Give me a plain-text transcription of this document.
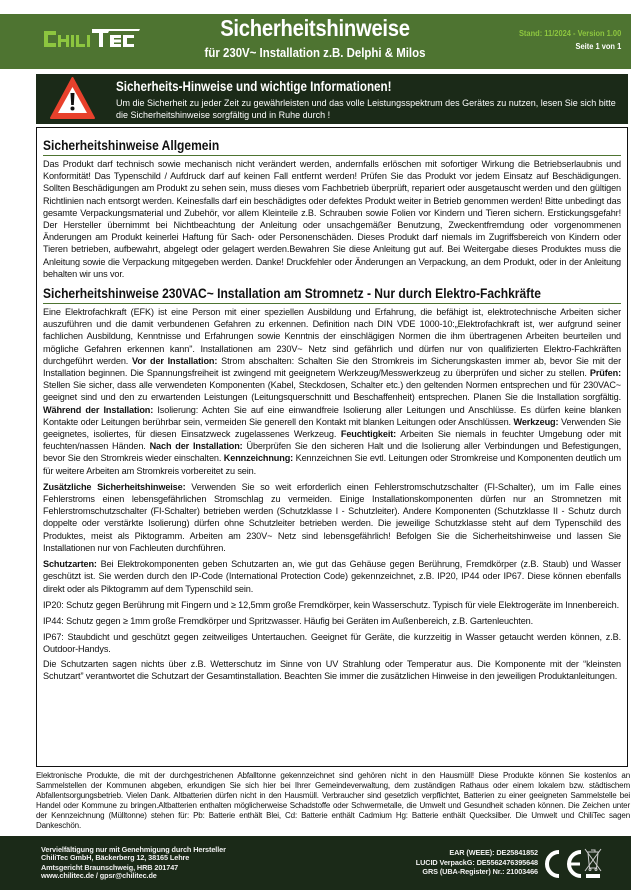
Sicherheitshinweise
für 230V~ Installation z.B. Delphi & Milos
Stand: 11/2024 - Version 1.00
Seite 1 von 1
Sicherheits-Hinweise und wichtige Informationen!
Um die Sicherheit zu jeder Zeit zu gewährleisten und das volle Leistungsspektrum des Gerätes zu nutzen, lesen Sie sich bitte die Sicherheitshinweise sorgfältig und in Ruhe durch !
Sicherheitshinweise Allgemein

Das Produkt darf technisch sowie mechanisch nicht verändert werden, andernfalls erlöschen mit sofortiger Wirkung die Betriebserlaubnis und Konformität! Das Typenschild / Aufdruck darf auf keinen Fall entfernt werden! Prüfen Sie das Produkt vor jedem Einsatz auf Beschädigungen. Sollten Beschädigungen am Produkt zu sehen sein, muss dieses vom Fachbetrieb überprüft, repariert oder ausgetauscht werden und den gültigen Richtlinien nach entsorgt werden. Keinesfalls darf ein beschädigtes oder defektes Produkt weiter in Betrieb genommen werden! Bitte unbedingt das gesamte Verpackungsmaterial und Zubehör, vor allem Kleinteile z.B. Schrauben sowie Folien vor Kindern und Tieren sichern. Erstickungsgefahr! Der Hersteller übernimmt bei Nichtbeachtung der Anleitung oder unsachgemäßer Benutzung, Zweckentfremdung oder vorgenommenen Änderungen am Produkt keinerlei Haftung für Sach- oder Personenschäden. Dieses Produkt darf niemals im Zugriffsbereich von Kindern oder Tieren betrieben, aufbewahrt, abgelegt oder gelagert werden.Bewahren Sie diese Anleitung gut auf. Bei Weitergabe dieses Produktes muss die Anleitung sowie die Verpackung mitgegeben werden. Danke! Druckfehler oder Änderungen an Verpackung, an dem Produkt, oder in der Anleitung behalten wir uns vor.

Sicherheitshinweise 230VAC~ Installation am Stromnetz - Nur durch Elektro-Fachkräfte

Eine Elektrofachkraft (EFK) ist eine Person mit einer speziellen Ausbildung und Erfahrung, die befähigt ist, elektrotechnische Arbeiten sicher auszuführen und die damit verbundenen Gefahren zu erkennen. Definition nach DIN VDE 1000-10:„Elektrofachkraft ist, wer aufgrund seiner fachlichen Ausbildung, Kenntnisse und Erfahrungen sowie Kenntnis der einschlägigen Normen die ihm übertragenen Arbeiten beurteilen und mögliche Gefahren erkennen kann". Installationen am 230V~ Netz sind gefährlich und dürfen nur von qualifizierten Elektro-Fachkräften durchgeführt werden. Vor der Installation: Strom abschalten: Schalten Sie den Stromkreis im Sicherungskasten immer ab, bevor Sie mit der Installation beginnen. Die Spannungsfreiheit ist zwingend mit geeignetem Werkzeug/Messwerkzeug zu überprüfen und sicher zu stellen. Prüfen: Stellen Sie sicher, dass alle verwendeten Komponenten (Kabel, Steckdosen, Schalter etc.) den geltenden Normen entsprechen und für 230VAC~ geeignet sind und den zu erwartenden Leistungen (Leitungsquerschnitt und Beschaffenheit) entsprechen. Planen Sie die Installation sorgfältig. Während der Installation: Isolierung: Achten Sie auf eine einwandfreie Isolierung aller Leitungen und Anschlüsse. Es dürfen keine blanken Kontakte oder Leitungen berührbar sein, vermeiden Sie generell den Kontakt mit blanken Leitungen oder Anschlüssen. Werkzeug: Verwenden Sie geeignetes, isoliertes, für diesen Einsatzweck zugelassenes Werkzeug. Feuchtigkeit: Arbeiten Sie niemals in feuchter Umgebung oder mit feuchten/nassen Händen. Nach der Installation: Überprüfen Sie den sicheren Halt und die Isolierung aller Verbindungen und Befestigungen, bevor Sie den Stromkreis wieder einschalten. Kennzeichnung: Kennzeichnen Sie evtl. Leitungen oder Stromkreise und Komponenten deutlich um für weitere Arbeiten am Stromkreis vorbereitet zu sein.

Zusätzliche Sicherheitshinweise: Verwenden Sie so weit erforderlich einen Fehlerstromschutzschalter (FI-Schalter), um im Falle eines Fehlerstroms einen lebensgefährlichen Stromschlag zu vermeiden. Einige Installationskomponenten dürfen nur an Stromnetzen mit Fehlerstromschutzschalter (FI-Schalter) betrieben werden (Schutzklasse I - Schutzleiter). Andere Komponenten (Schutzklasse II - Schutz durch doppelte oder verstärkte Isolierung) dürfen ohne Schutzleiter betrieben werden. Die jeweilige Schutzklasse steht auf dem Typenschild des Produktes, meist als Piktogramm. Arbeiten am 230V~ Netz sind lebensgefährlich! Befolgen Sie die Sicherheitshinweise und lassen Sie Installationen nur von Fachleuten durchführen.

Schutzarten: Bei Elektrokomponenten geben Schutzarten an, wie gut das Gehäuse gegen Berührung, Fremdkörper (z.B. Staub) und Wasser geschützt ist. Sie werden durch den IP-Code (International Protection Code) gekennzeichnet, z.B. IP20, IP44 oder IP67. Diese können ebenfalls direkt oder als Piktogramm auf dem Typenschild sein.

IP20: Schutz gegen Berührung mit Fingern und ≥ 12,5mm große Fremdkörper, kein Wasserschutz. Typisch für viele Elektrogeräte im Innenbereich.

IP44: Schutz gegen ≥ 1mm große Fremdkörper und Spritzwasser. Häufig bei Geräten im Außenbereich, z.B. Gartenleuchten.

IP67: Staubdicht und geschützt gegen zeitweiliges Untertauchen. Geeignet für Geräte, die kurzzeitig in Wasser getaucht werden können, z.B. Outdoor-Handys.

Die Schutzarten sagen nichts über z.B. Wetterschutz im Sinne von UV Strahlung oder Temperatur aus. Die Komponente mit der “kleinsten Schutzart” verantwortet die Schutzart der Gesamtinstallation. Beachten Sie immer die zusätzlichen Hinweise in den jeweiligen Produktanleitungen.

Elektronische Produkte, die mit der durchgestrichenen Abfalltonne gekennzeichnet sind gehören nicht in den Hausmüll! Diese Produkte können Sie kostenlos an Sammelstellen der Kommunen abgeben, erkundigen Sie sich hier bei Ihrer Gemeindeverwaltung, dem zuständigen Rathaus oder einem lokalem bzw. städtischem Abfallentsorgungsbetrieb. Vielen Dank. Altbatterien dürfen nicht in den Hausmüll. Verbraucher sind gesetzlich verpflichtet, Batterien zu einer geeigneten Sammelstelle bei Handel oder Kommune zu bringen.Altbatterien enthalten möglicherweise Schadstoffe oder Schwermetalle, die Umwelt und Gesundheit schaden können. Die Zeichen unter der Kennzeichnung (Mülltonne) stehen für: Pb: Batterie enthält Blei, Cd: Batterie enthält Cadmium Hg: Batterie enthält Quecksilber. Die Umwelt und ChiliTec sagen Dankeschön.

Vervielfältigung nur mit Genehmigung durch Hersteller
ChiliTec GmbH, Bäckerberg 12, 38165 Lehre
Amtsgericht Braunschweig, HRB 201747
www.chilitec.de / gpsr@chilitec.de
EAR (WEEE): DE25841852
LUCID VerpackG: DE5562476395648
GRS (UBA-Register) Nr.: 21003466
